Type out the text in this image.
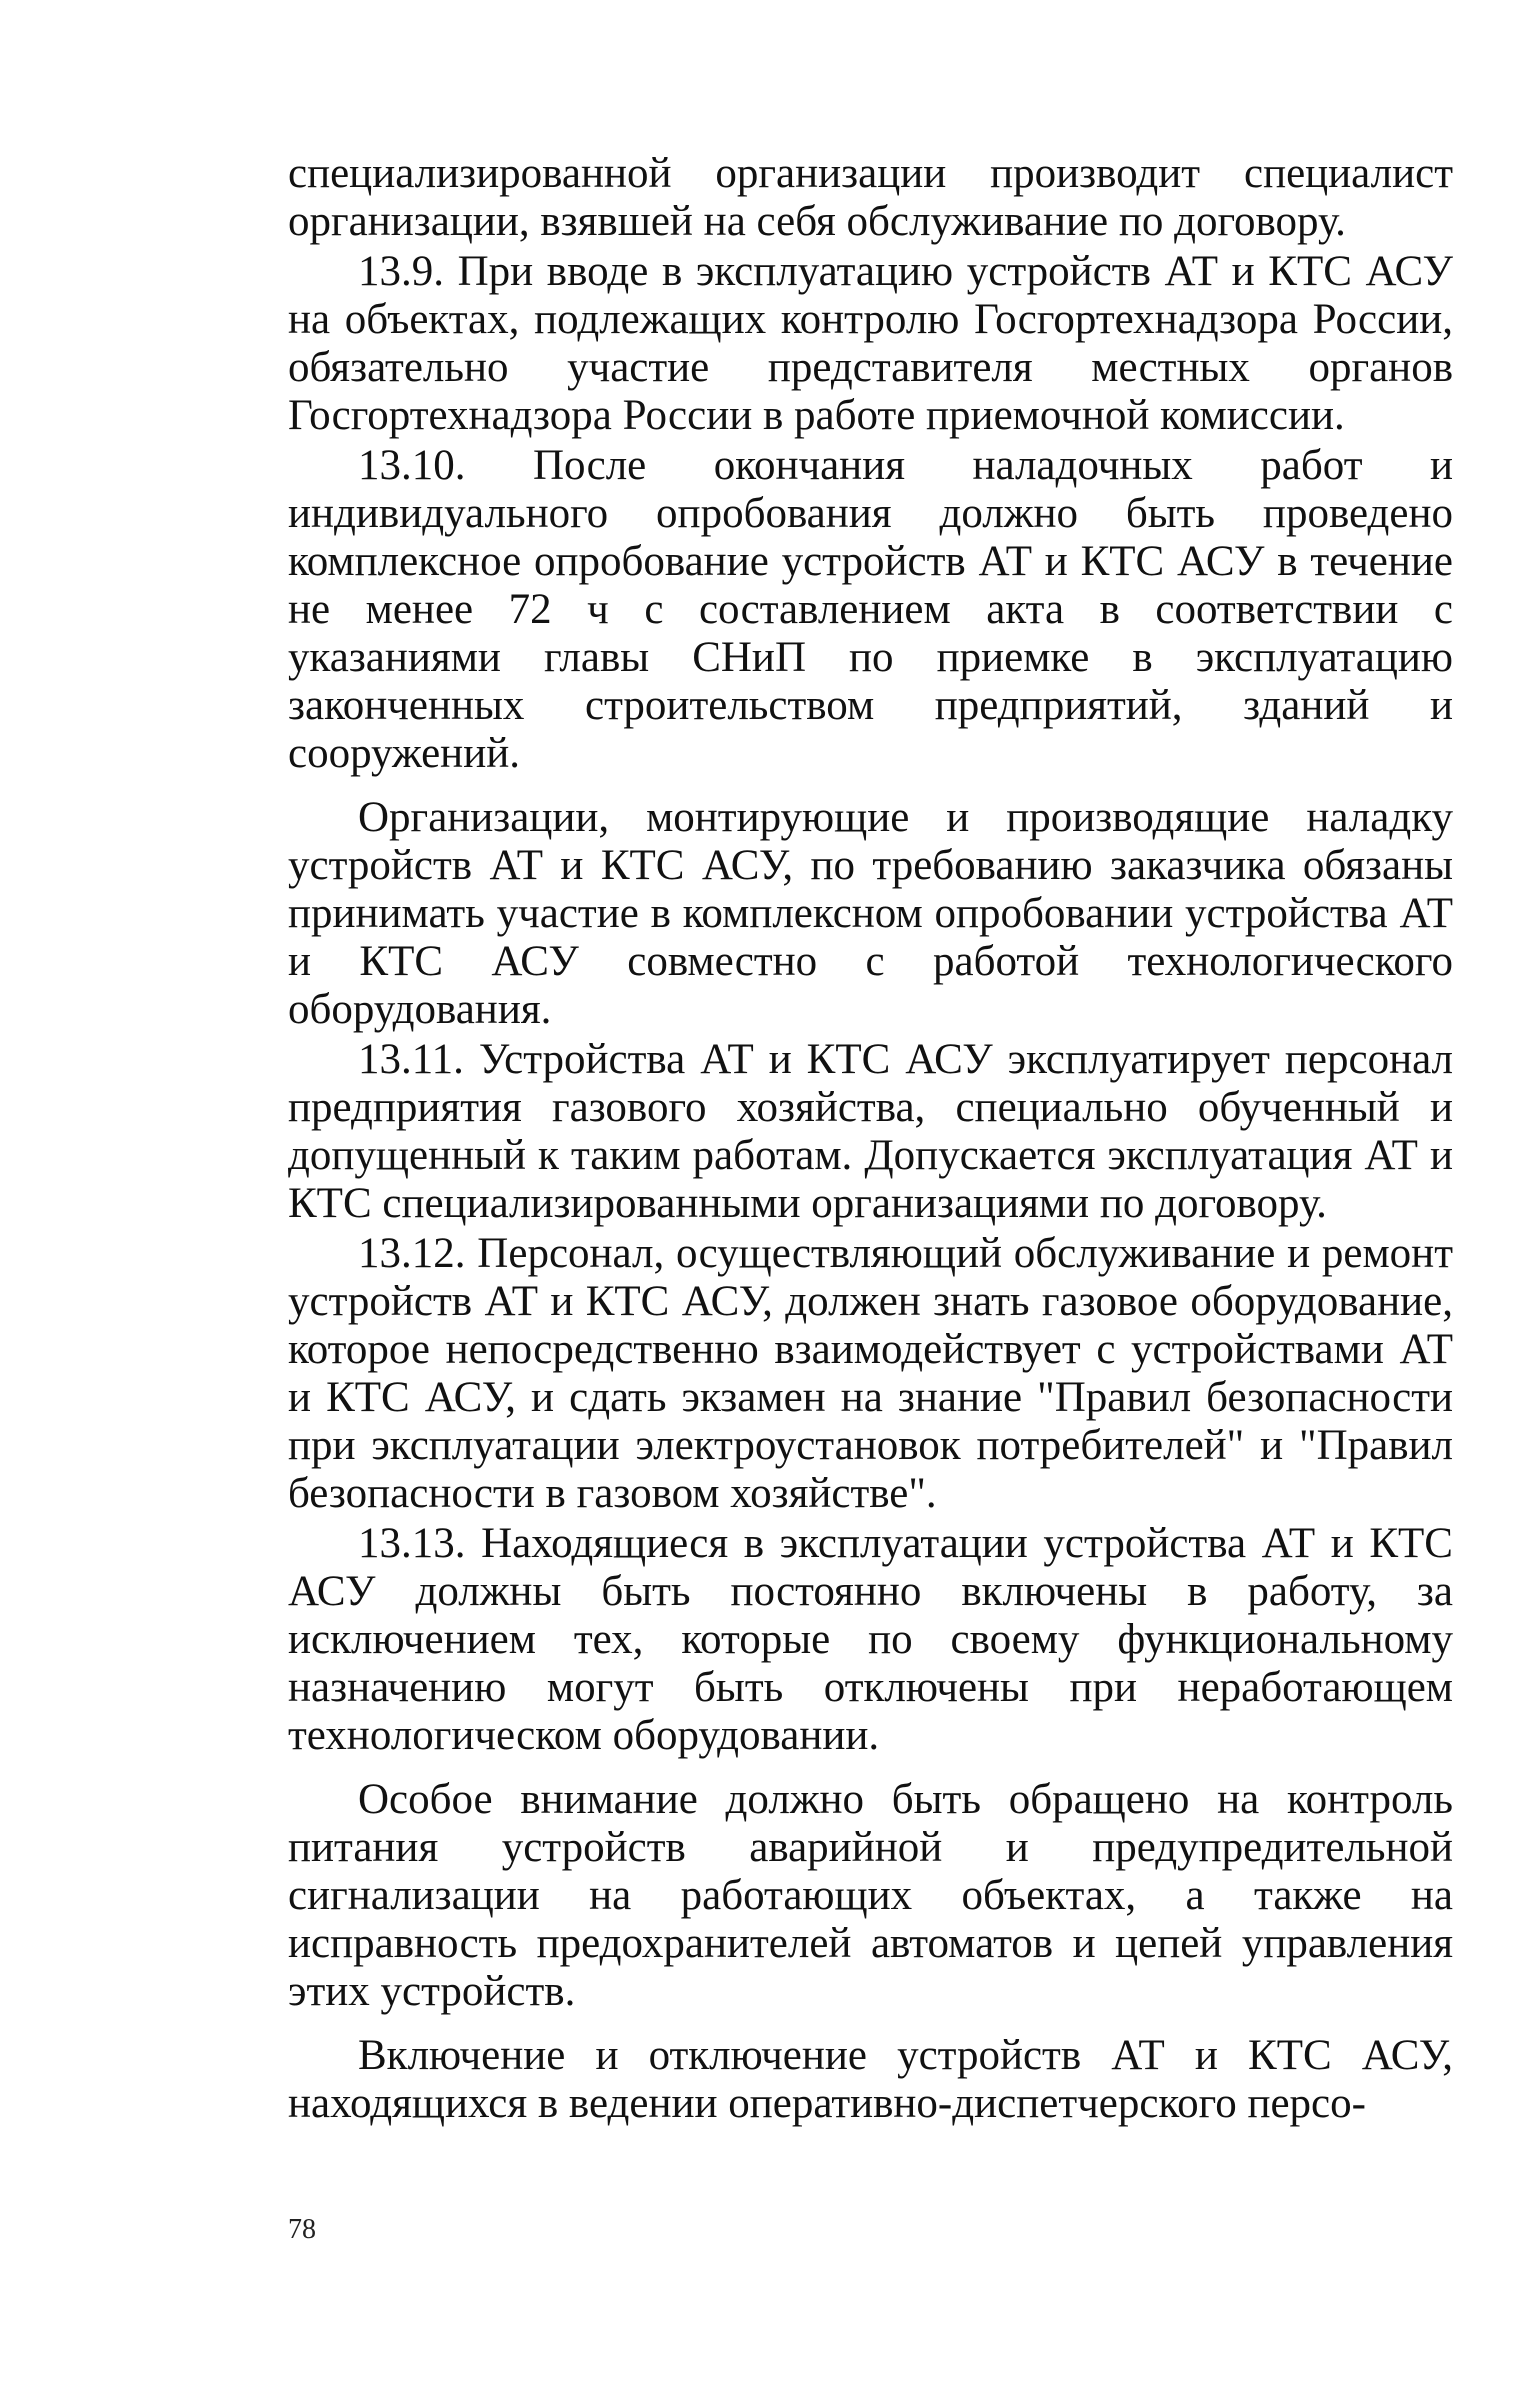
специализированной организации производит специалист организации, взявшей на себя обслуживание по договору.

13.9. При вводе в эксплуатацию устройств АТ и КТС АСУ на объектах, подлежащих контролю Госгортехнадзора России, обязательно участие представителя местных органов Госгортехнадзора России в работе приемочной комиссии.

13.10. После окончания наладочных работ и индивидуального опробования должно быть проведено комплексное опробование устройств АТ и КТС АСУ в течение не менее 72 ч с составлением акта в соответствии с указаниями главы СНиП по приемке в эксплуатацию законченных строительством предприятий, зданий и сооружений.

Организации, монтирующие и производящие наладку устройств АТ и КТС АСУ, по требованию заказчика обязаны принимать участие в комплексном опробовании устройства АТ и КТС АСУ совместно с работой технологического оборудования.

13.11. Устройства АТ и КТС АСУ эксплуатирует персонал предприятия газового хозяйства, специально обученный и допущенный к таким работам. Допускается эксплуатация АТ и КТС специализированными организациями по договору.

13.12. Персонал, осуществляющий обслуживание и ремонт устройств АТ и КТС АСУ, должен знать газовое оборудование, которое непосредственно взаимодействует с устройствами АТ и КТС АСУ, и сдать экзамен на знание "Правил безопасности при эксплуатации электроустановок потребителей" и "Правил безопасности в газовом хозяйстве".

13.13. Находящиеся в эксплуатации устройства АТ и КТС АСУ должны быть постоянно включены в работу, за исключением тех, которые по своему функциональному назначению могут быть отключены при неработающем технологическом оборудовании.

Особое внимание должно быть обращено на контроль питания устройств аварийной и предупредительной сигнализации на работающих объектах, а также на исправность предохранителей автоматов и цепей управления этих устройств.

Включение и отключение устройств АТ и КТС АСУ, находящихся в ведении оперативно-диспетчерского персо-

78
